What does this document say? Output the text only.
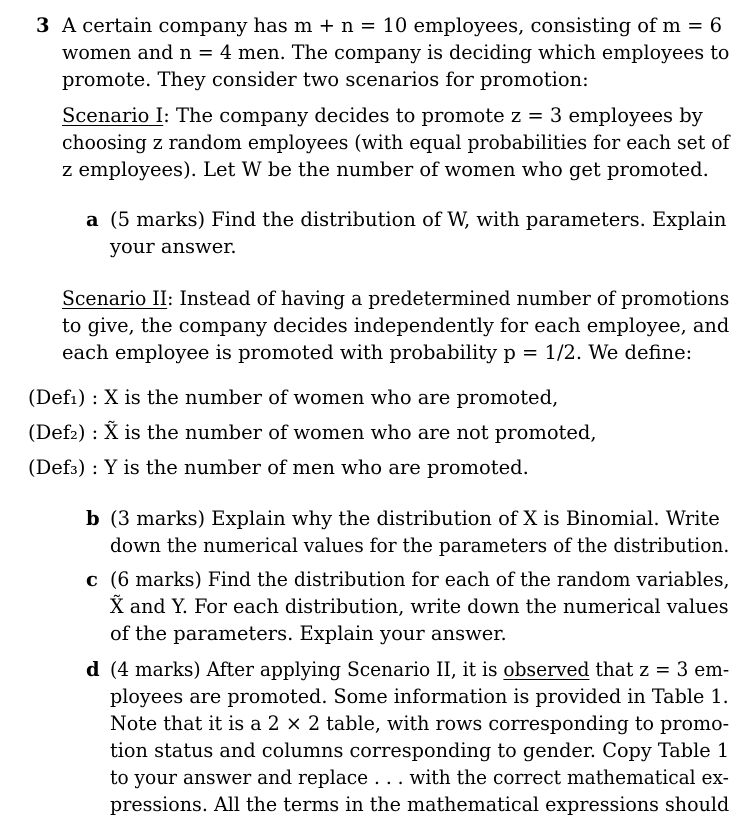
3 A certain company has m + n = 10 employees, consisting of m = 6
women and n = 4 men. The company is deciding which employees to
promote. They consider two scenarios for promotion:
Scenario I: The company decides to promote z = 3 employees by
choosing z random employees (with equal probabilities for each set of
z employees). Let W be the number of women who get promoted.
a (5 marks) Find the distribution of W, with parameters. Explain
your answer.
Scenario II: Instead of having a predetermined number of promotions
to give, the company decides independently for each employee, and
each employee is promoted with probability p = 1/2. We define:
(Def₁) : X is the number of women who are promoted,
(Def₂) : X̃ is the number of women who are not promoted,
(Def₃) : Y is the number of men who are promoted.
b (3 marks) Explain why the distribution of X is Binomial. Write
down the numerical values for the parameters of the distribution.
c (6 marks) Find the distribution for each of the random variables,
X̃ and Y. For each distribution, write down the numerical values
of the parameters. Explain your answer.
d (4 marks) After applying Scenario II, it is observed that z = 3 em-
ployees are promoted. Some information is provided in Table 1.
Note that it is a 2 × 2 table, with rows corresponding to promo-
tion status and columns corresponding to gender. Copy Table 1
to your answer and replace . . . with the correct mathematical ex-
pressions. All the terms in the mathematical expressions should
